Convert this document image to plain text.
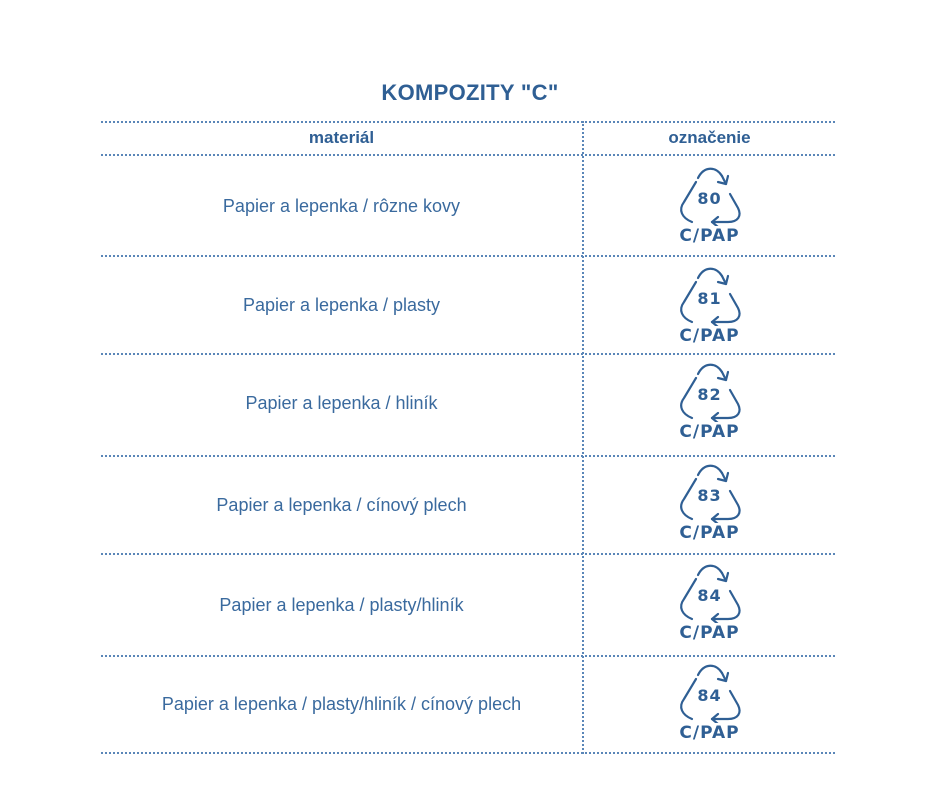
KOMPOZITY "C"
materiál	označenie
Papier a lepenka / rôzne kovy	80
C/PAP
Papier a lepenka / plasty	81
C/PAP
Papier a lepenka / hliník	82
C/PAP
Papier a lepenka / cínový plech	83
C/PAP
Papier a lepenka / plasty/hliník	84
C/PAP
Papier a lepenka / plasty/hliník / cínový plech	84
C/PAP
